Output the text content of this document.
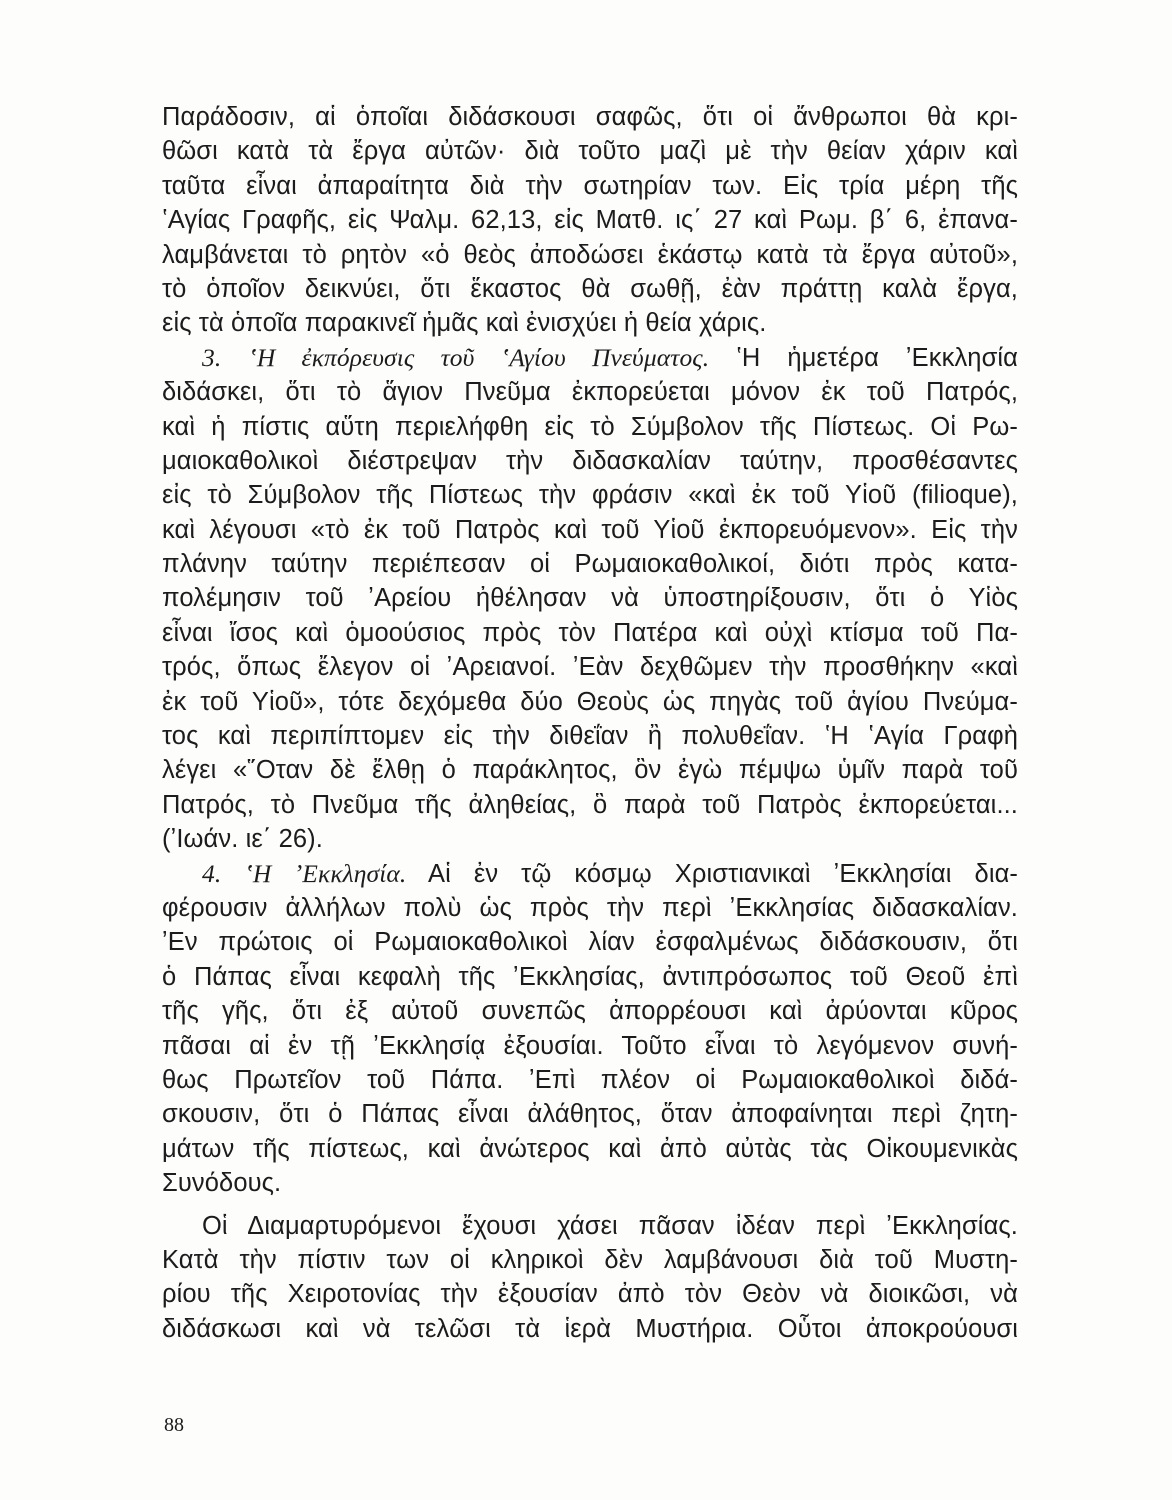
Παράδοσιν, αἱ ὁποῖαι διδάσκουσι σαφῶς, ὅτι οἱ ἄνθρωποι θὰ κρι-
θῶσι κατὰ τὰ ἔργα αὐτῶν· διὰ τοῦτο μαζὶ μὲ τὴν θείαν χάριν καὶ
ταῦτα εἶναι ἀπαραίτητα διὰ τὴν σωτηρίαν των. Εἰς τρία μέρη τῆς
ʽΑγίας Γραφῆς, εἰς Ψαλμ. 62,13, εἰς Ματθ. ις΄ 27 καὶ Ρωμ. β΄ 6, ἐπανα-
λαμβάνεται τὸ ρητὸν «ὁ θεὸς ἀποδώσει ἑκάστῳ κατὰ τὰ ἔργα αὐτοῦ»,
τὸ ὁποῖον δεικνύει, ὅτι ἕκαστος θὰ σωθῇ, ἐὰν πράττῃ καλὰ ἔργα,
εἰς τὰ ὁποῖα παρακινεῖ ἡμᾶς καὶ ἐνισχύει ἡ θεία χάρις.
3. ʽΗ ἐκπόρευσις τοῦ ʽΑγίου Πνεύματος. ʽΗ ἡμετέρα ʼΕκκλησία
διδάσκει, ὅτι τὸ ἅγιον Πνεῦμα ἐκπορεύεται μόνον ἐκ τοῦ Πατρός,
καὶ ἡ πίστις αὕτη περιελήφθη εἰς τὸ Σύμβολον τῆς Πίστεως. Οἱ Ρω-
μαιοκαθολικοὶ διέστρεψαν τὴν διδασκαλίαν ταύτην, προσθέσαντες
εἰς τὸ Σύμβολον τῆς Πίστεως τὴν φράσιν «καὶ ἐκ τοῦ Υἱοῦ (filioque),
καὶ λέγουσι «τὸ ἐκ τοῦ Πατρὸς καὶ τοῦ Υἱοῦ ἐκπορευόμενον». Εἰς τὴν
πλάνην ταύτην περιέπεσαν οἱ Ρωμαιοκαθολικοί, διότι πρὸς κατα-
πολέμησιν τοῦ ʼΑρείου ἠθέλησαν νὰ ὑποστηρίξουσιν, ὅτι ὁ Υἱὸς
εἶναι ἴσος καὶ ὁμοούσιος πρὸς τὸν Πατέρα καὶ οὐχὶ κτίσμα τοῦ Πα-
τρός, ὅπως ἔλεγον οἱ ʼΑρειανοί. ʼΕὰν δεχθῶμεν τὴν προσθήκην «καὶ
ἐκ τοῦ Υἱοῦ», τότε δεχόμεθα δύο Θεοὺς ὡς πηγὰς τοῦ ἁγίου Πνεύμα-
τος καὶ περιπίπτομεν εἰς τὴν διθεΐαν ἢ πολυθεΐαν. ʽΗ ʽΑγία Γραφὴ
λέγει «῞Οταν δὲ ἔλθῃ ὁ παράκλητος, ὃν ἐγὼ πέμψω ὑμῖν παρὰ τοῦ
Πατρός, τὸ Πνεῦμα τῆς ἀληθείας, ὃ παρὰ τοῦ Πατρὸς ἐκπορεύεται...
(ʼΙωάν. ιε΄ 26).
4. ʽΗ ʼΕκκλησία. Αἱ ἐν τῷ κόσμῳ Χριστιανικαὶ ʼΕκκλησίαι δια-
φέρουσιν ἀλλήλων πολὺ ὡς πρὸς τὴν περὶ ʼΕκκλησίας διδασκαλίαν.
ʼΕν πρώτοις οἱ Ρωμαιοκαθολικοὶ λίαν ἐσφαλμένως διδάσκουσιν, ὅτι
ὁ Πάπας εἶναι κεφαλὴ τῆς ʼΕκκλησίας, ἀντιπρόσωπος τοῦ Θεοῦ ἐπὶ
τῆς γῆς, ὅτι ἐξ αὐτοῦ συνεπῶς ἀπορρέουσι καὶ ἀρύονται κῦρος
πᾶσαι αἱ ἐν τῇ ʼΕκκλησίᾳ ἐξουσίαι. Τοῦτο εἶναι τὸ λεγόμενον συνή-
θως Πρωτεῖον τοῦ Πάπα. ʼΕπὶ πλέον οἱ Ρωμαιοκαθολικοὶ διδά-
σκουσιν, ὅτι ὁ Πάπας εἶναι ἀλάθητος, ὅταν ἀποφαίνηται περὶ ζητη-
μάτων τῆς πίστεως, καὶ ἀνώτερος καὶ ἀπὸ αὐτὰς τὰς Οἰκουμενικὰς
Συνόδους.
Οἱ Διαμαρτυρόμενοι ἔχουσι χάσει πᾶσαν ἰδέαν περὶ ʼΕκκλησίας.
Κατὰ τὴν πίστιν των οἱ κληρικοὶ δὲν λαμβάνουσι διὰ τοῦ Μυστη-
ρίου τῆς Χειροτονίας τὴν ἐξουσίαν ἀπὸ τὸν Θεὸν νὰ διοικῶσι, νὰ
διδάσκωσι καὶ νὰ τελῶσι τὰ ἱερὰ Μυστήρια. Οὗτοι ἀποκρούουσι
88
